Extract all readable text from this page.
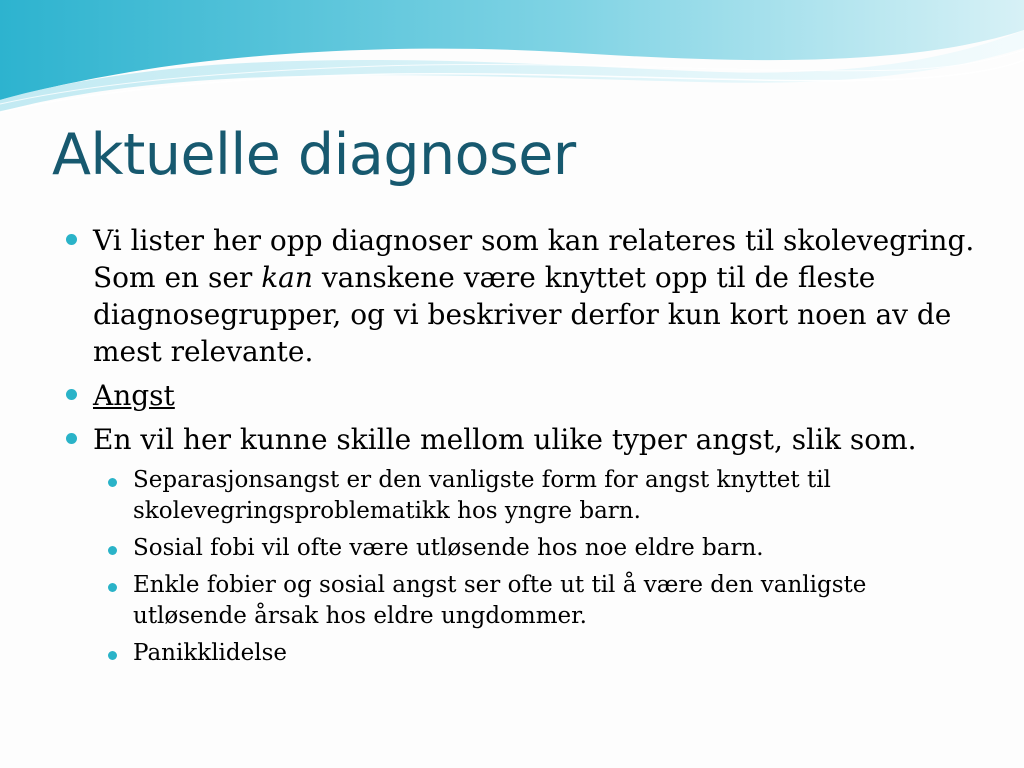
Aktuelle diagnoser
Vi lister her opp diagnoser som kan relateres til skolevegring. Som en ser kan vanskene være knyttet opp til de fleste diagnosegrupper, og vi beskriver derfor kun kort noen av de mest relevante.
Angst
En vil her kunne skille mellom ulike typer angst, slik som.
Separasjonsangst er den vanligste form for angst knyttet til skolevegringsproblematikk hos yngre barn.
Sosial fobi vil ofte være utløsende hos noe eldre barn.
Enkle fobier og sosial angst ser ofte ut til å være den vanligste utløsende årsak hos eldre ungdommer.
Panikklidelse
